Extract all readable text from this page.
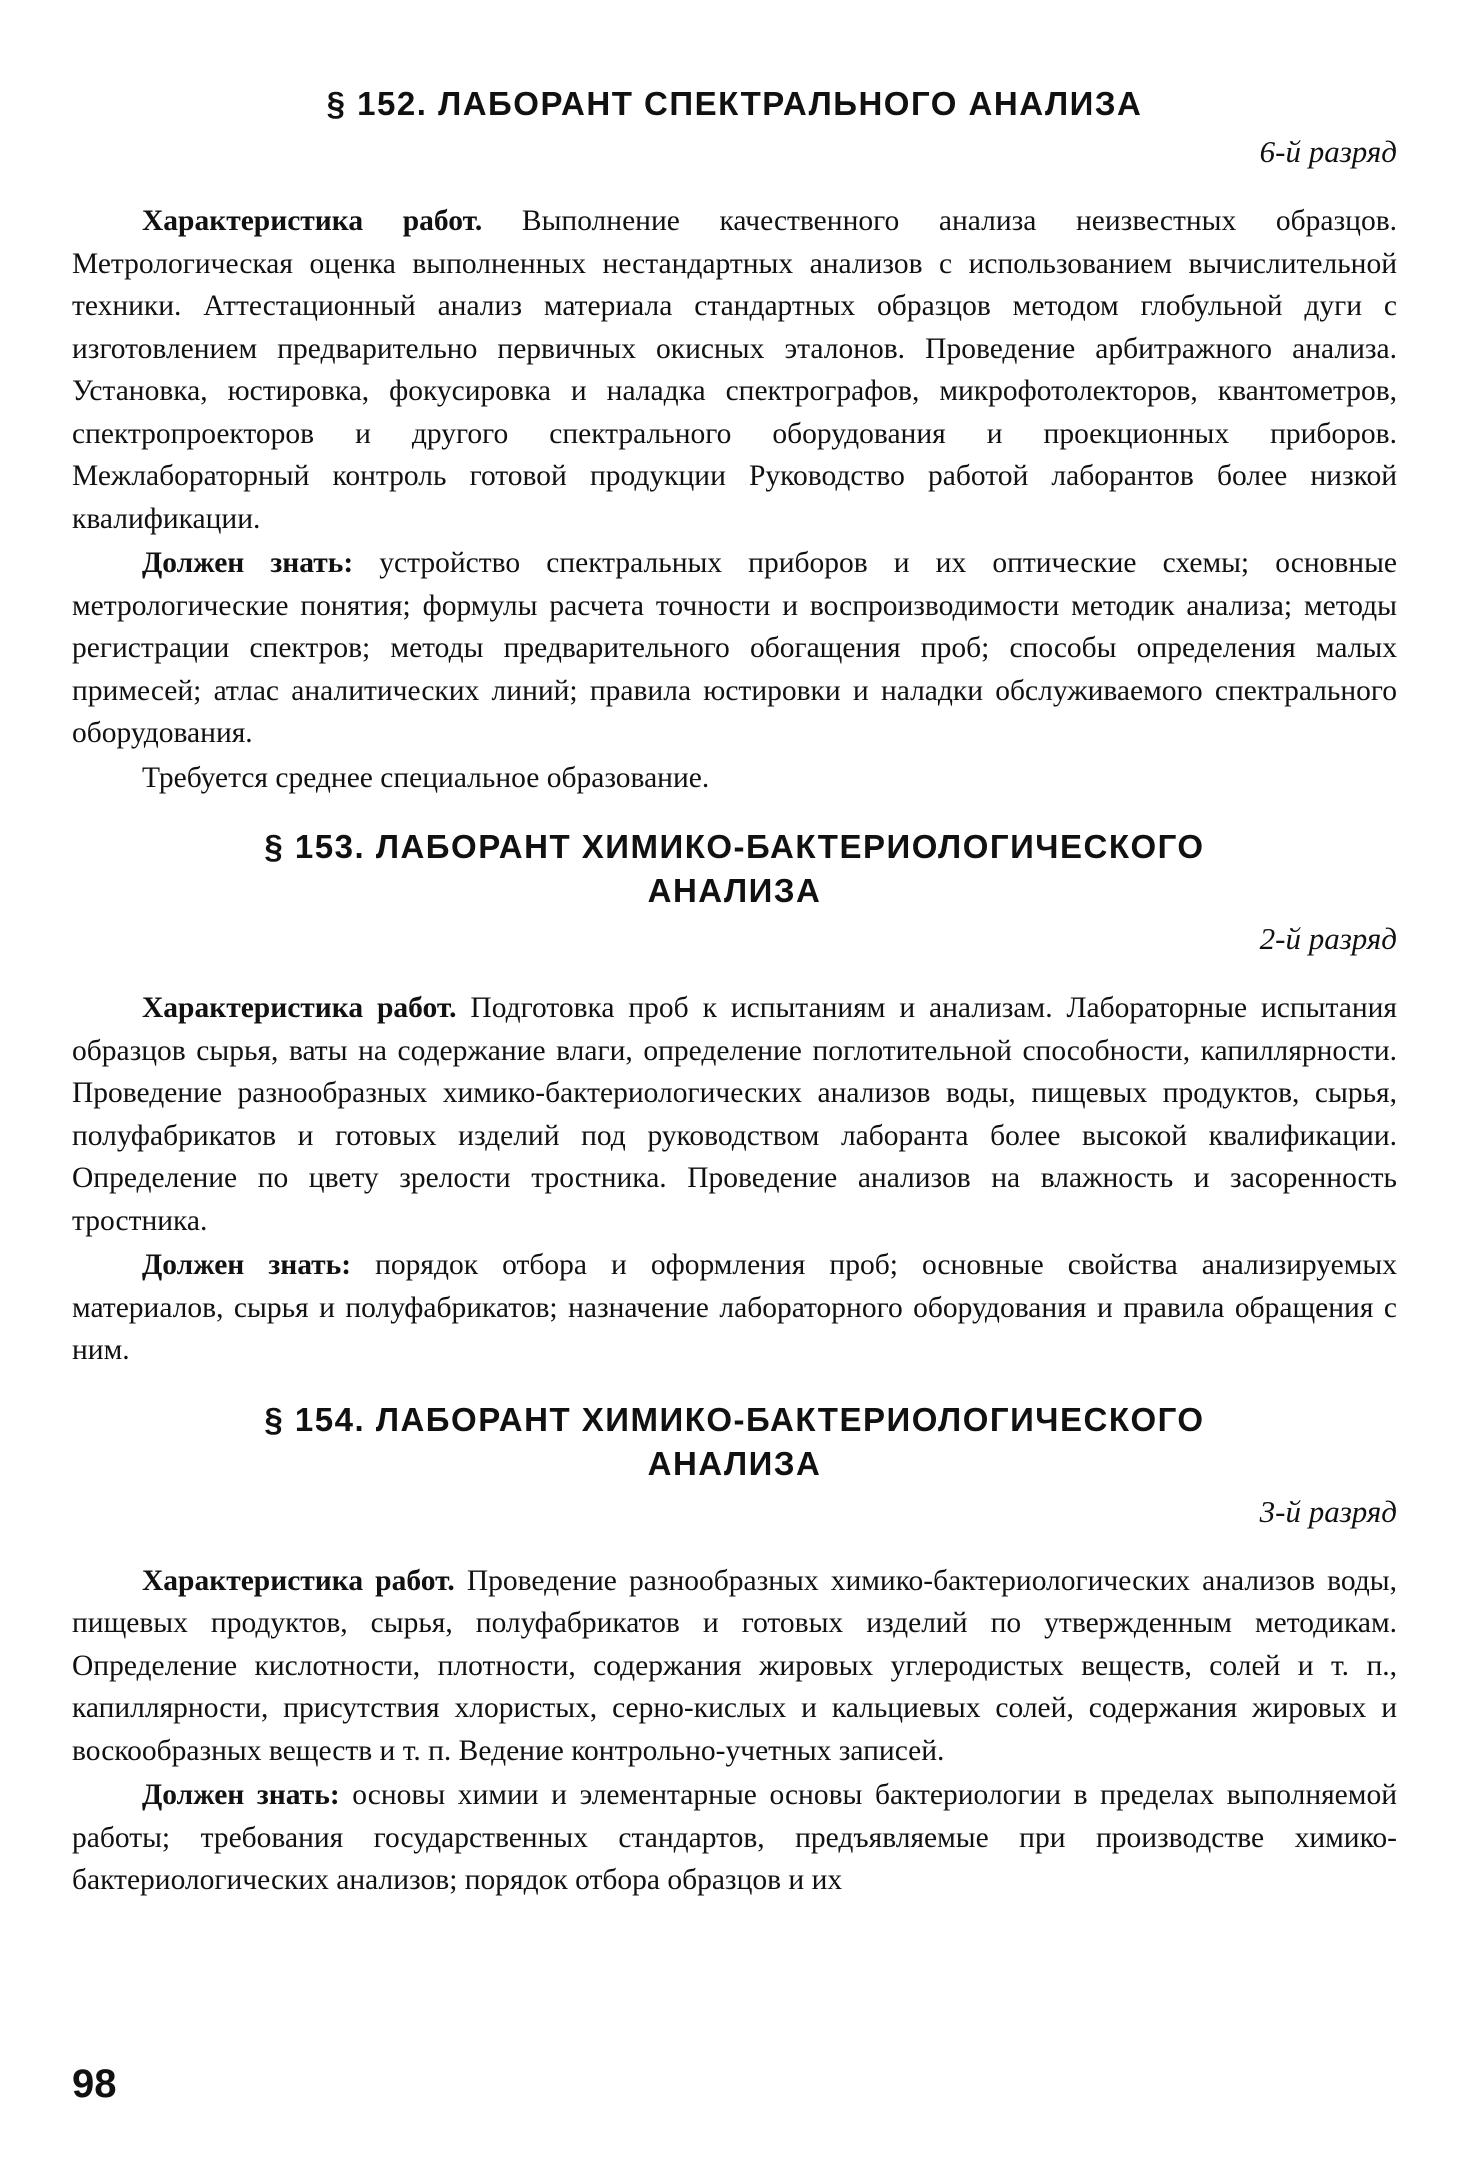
§ 152. ЛАБОРАНТ СПЕКТРАЛЬНОГО АНАЛИЗА
6-й разряд

Характеристика работ. Выполнение качественного анализа неизвестных образцов. Метрологическая оценка выполненных нестандартных анализов с использованием вычислительной техники. Аттестационный анализ материала стандартных образцов методом глобульной дуги с изготовлением предварительно первичных окисных эталонов. Проведение арбитражного анализа. Установка, юстировка, фокусировка и наладка спектрографов, микрофотолекторов, квантометров, спектропроекторов и другого спектрального оборудования и проекционных приборов. Межлабораторный контроль готовой продукции Руководство работой лаборантов более низкой квалификации.

Должен знать: устройство спектральных приборов и их оптические схемы; основные метрологические понятия; формулы расчета точности и воспроизводимости методик анализа; методы регистрации спектров; методы предварительного обогащения проб; способы определения малых примесей; атлас аналитических линий; правила юстировки и наладки обслуживаемого спектрального оборудования.

Требуется среднее специальное образование.

§ 153. ЛАБОРАНТ ХИМИКО-БАКТЕРИОЛОГИЧЕСКОГО
АНАЛИЗА
2-й разряд

Характеристика работ. Подготовка проб к испытаниям и анализам. Лабораторные испытания образцов сырья, ваты на содержание влаги, определение поглотительной способности, капиллярности. Проведение разнообразных химико-бактериологических анализов воды, пищевых продуктов, сырья, полуфабрикатов и готовых изделий под руководством лаборанта более высокой квалификации. Определение по цвету зрелости тростника. Проведение анализов на влажность и засоренность тростника.

Должен знать: порядок отбора и оформления проб; основные свойства анализируемых материалов, сырья и полуфабрикатов; назначение лабораторного оборудования и правила обращения с ним.

§ 154. ЛАБОРАНТ ХИМИКО-БАКТЕРИОЛОГИЧЕСКОГО
АНАЛИЗА
3-й разряд

Характеристика работ. Проведение разнообразных химико-бактериологических анализов воды, пищевых продуктов, сырья, полуфабрикатов и готовых изделий по утвержденным методикам. Определение кислотности, плотности, содержания жировых углеродистых веществ, солей и т. п., капиллярности, присутствия хлористых, серно-кислых и кальциевых солей, содержания жировых и воскообразных веществ и т. п. Ведение контрольно-учетных записей.

Должен знать: основы химии и элементарные основы бактериологии в пределах выполняемой работы; требования государственных стандартов, предъявляемые при производстве химико-бактериологических анализов; порядок отбора образцов и их

98
